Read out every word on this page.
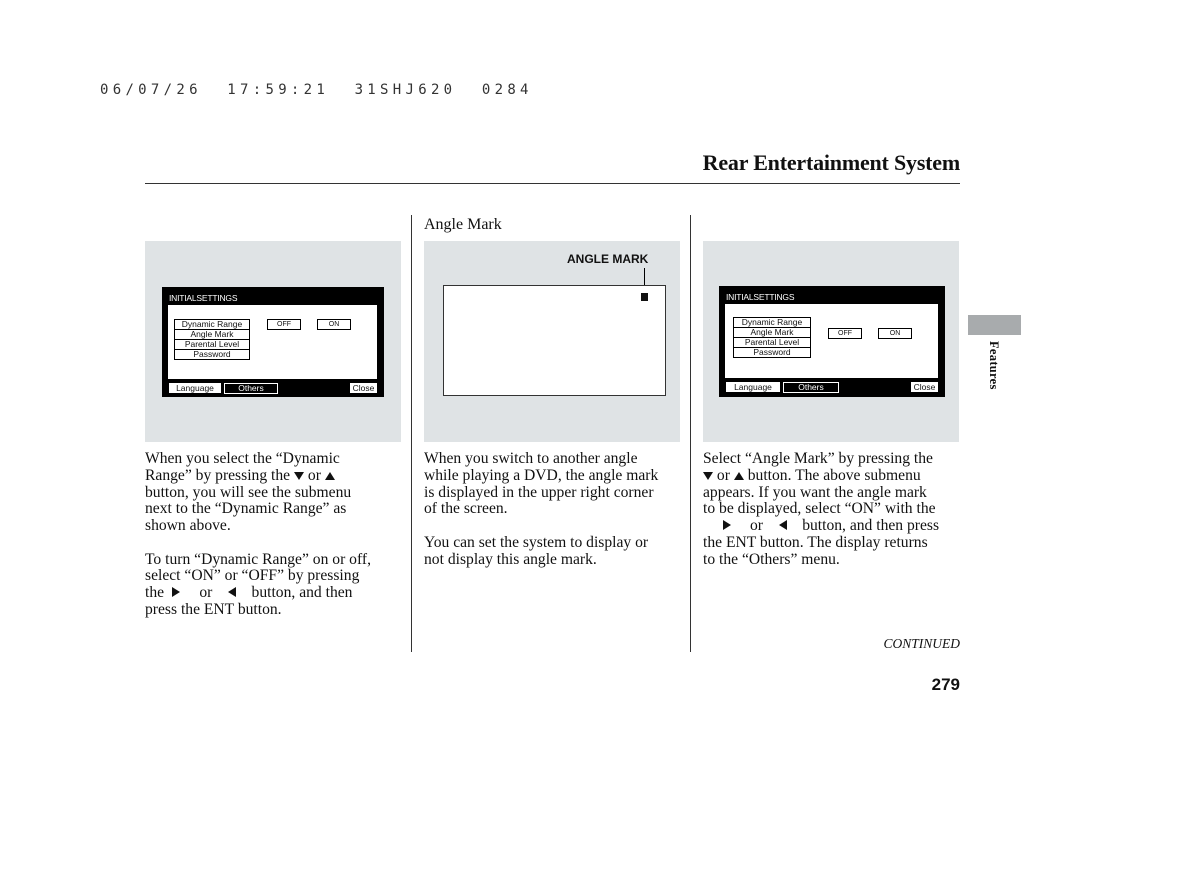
06/07/26  17:59:21  31SHJ620  0284
Rear Entertainment System
Features
Angle Mark
INITIALSETTINGS
Dynamic Range
Angle Mark
Parental Level
Password
OFF	ON
Language	Others	Close
ANGLE MARK
INITIALSETTINGS
Dynamic Range
Angle Mark
Parental Level
Password
OFF	ON
Language	Others	Close

When you select the “Dynamic
Range” by pressing the or
button, you will see the submenu
next to the “Dynamic Range” as
shown above.

To turn “Dynamic Range” on or off,
select “ON” or “OFF” by pressing
the or	button, and then
press the ENT button.

When you switch to another angle
while playing a DVD, the angle mark
is displayed in the upper right corner
of the screen.

You can set the system to display or
not display this angle mark.

Select “Angle Mark” by pressing the
or button. The above submenu
appears. If you want the angle mark
to be displayed, select “ON” with the
or	button, and then press
the ENT button. The display returns
to the “Others” menu.

CONTINUED
279
